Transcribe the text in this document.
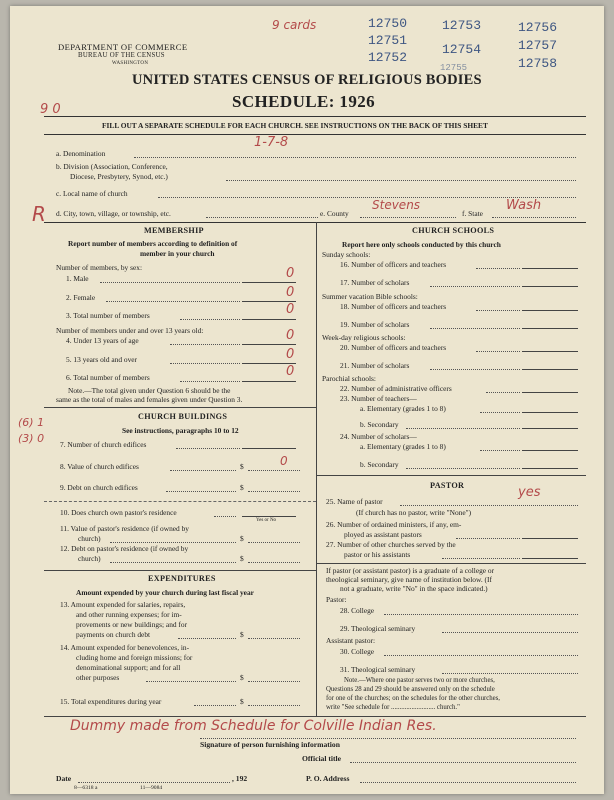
12750
12751
12752
12753
12754
12755
12756
12757
12758
9 cards
9 0
DEPARTMENT OF COMMERCE
BUREAU OF THE CENSUS
WASHINGTON
UNITED STATES CENSUS OF RELIGIOUS BODIES
SCHEDULE: 1926
FILL OUT A SEPARATE SCHEDULE FOR EACH CHURCH. SEE INSTRUCTIONS ON THE BACK OF THIS SHEET
1-7-8
a. Denomination
b. Division (Association, Conference,
Diocese, Presbytery, Synod, etc.)
c. Local name of church
R d. City, town, village, or township, etc.	e. County
Stevens
f. State
Wash
MEMBERSHIP
Report number of members according to definition of
member in your church
Number of members, by sex:
1. Male	0
2. Female	0
3. Total number of members	0
Number of members under and over 13 years old:
4. Under 13 years of age	0
5. 13 years old and over	0
6. Total number of members	0
Note.—The total given under Question 6 should be the
same as the total of males and females given under Question 3.
CHURCH BUILDINGS
See instructions, paragraphs 10 to 12
(6) 1
(3) 0 7. Number of church edifices
8. Value of church edifices	$	0
9. Debt on church edifices	$
10. Does church own pastor's residence
Yes or No
11. Value of pastor's residence (if owned by
church)	$
12. Debt on pastor's residence (if owned by
church)	$
EXPENDITURES
Amount expended by your church during last fiscal year
13. Amount expended for salaries, repairs,
and other running expenses; for im-
provements or new buildings; and for
payments on church debt	$
14. Amount expended for benevolences, in-
cluding home and foreign missions; for
denominational support; and for all
other purposes	$
15. Total expenditures during year	$
CHURCH SCHOOLS
Report here only schools conducted by this church
Sunday schools:
16. Number of officers and teachers
17. Number of scholars
Summer vacation Bible schools:
18. Number of officers and teachers
19. Number of scholars
Week-day religious schools:
20. Number of officers and teachers
21. Number of scholars
Parochial schools:
22. Number of administrative officers
23. Number of teachers—
a. Elementary (grades 1 to 8)
b. Secondary
24. Number of scholars—
a. Elementary (grades 1 to 8)
b. Secondary
PASTOR
25. Name of pastor
yes
(If church has no pastor, write "None")
26. Number of ordained ministers, if any, em-
ployed as assistant pastors
27. Number of other churches served by the
pastor or his assistants
If pastor (or assistant pastor) is a graduate of a college or
theological seminary, give name of institution below. (If
not a graduate, write "No" in the space indicated.)
Pastor:
28. College
29. Theological seminary
Assistant pastor:
30. College
31. Theological seminary
Note.—Where one pastor serves two or more churches,
Questions 28 and 29 should be answered only on the schedule
for one of the churches; on the schedules for the other churches,
write "See schedule for .......................... church."
Dummy made from Schedule for Colville Indian Res.
Signature of person furnishing information
Official title
Date	, 192	P. O. Address
8—6318 a	11—9084
